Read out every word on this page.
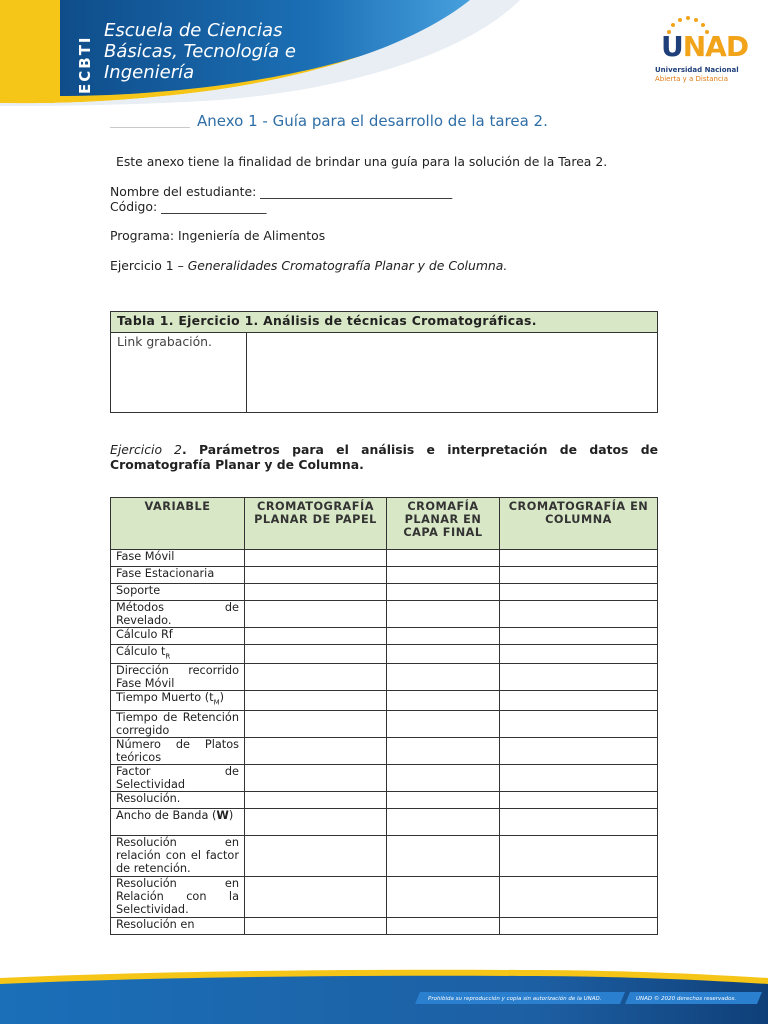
ECBTI
Escuela de Ciencias
Básicas, Tecnología e
Ingeniería
UNAD
Universidad Nacional
Abierta y a Distancia
Anexo 1 - Guía para el desarrollo de la tarea 2.
Este anexo tiene la finalidad de brindar una guía para la solución de la Tarea 2.
Nombre del estudiante: _______________________________
Código: _________________
Programa: Ingeniería de Alimentos
Ejercicio 1 – Generalidades Cromatografía Planar y de Columna.
Tabla 1. Ejercicio 1. Análisis de técnicas Cromatográficas.
Link grabación.	
Ejercicio 2. Parámetros para el análisis e interpretación de datos de Cromatografía Planar y de Columna.
VARIABLE	CROMATOGRAFÍA PLANAR DE PAPEL	CROMAFÍA PLANAR EN CAPA FINAL	CROMATOGRAFÍA EN COLUMNA
Fase Móvil			
Fase Estacionaria			
Soporte			
Métodos de Revelado.			
Cálculo Rf			
Cálculo $t_R$			
Dirección recorrido Fase Móvil			
Tiempo Muerto $(t_M)$			
Tiempo de Retención corregido			
Número de Platos teóricos			
Factor de Selectividad			
Resolución.			
Ancho de Banda (W)			
Resolución en relación con el factor de retención.			
Resolución en Relación con la Selectividad.			
Resolución en			
Prohibida su reproducción y copia sin autorización de la UNAD.	UNAD © 2020 derechos reservados.
